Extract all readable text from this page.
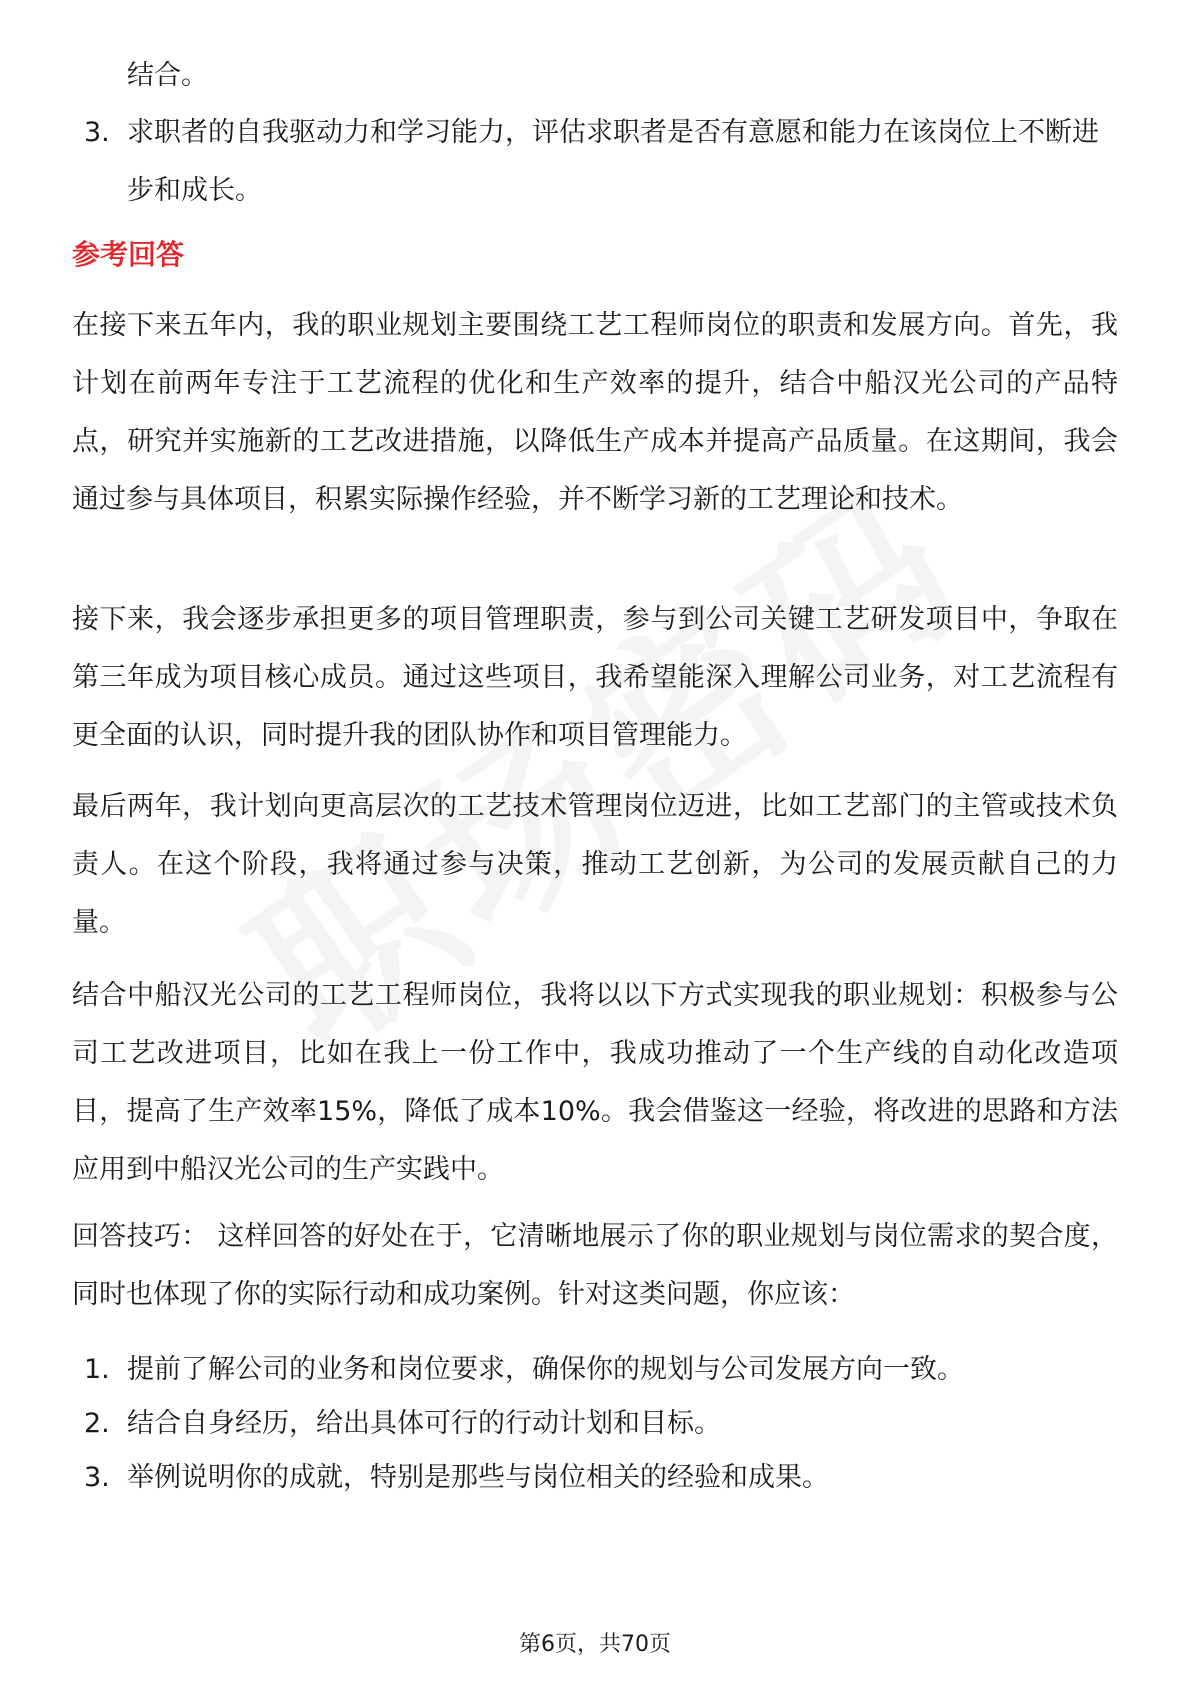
结合。
3. 求职者的自我驱动力和学习能力，评估求职者是否有意愿和能力在该岗位上不断进步和成长。
参考回答
在接下来五年内，我的职业规划主要围绕工艺工程师岗位的职责和发展方向。首先，我计划在前两年专注于工艺流程的优化和生产效率的提升，结合中船汉光公司的产品特点，研究并实施新的工艺改进措施，以降低生产成本并提高产品质量。在这期间，我会通过参与具体项目，积累实际操作经验，并不断学习新的工艺理论和技术。
接下来，我会逐步承担更多的项目管理职责，参与到公司关键工艺研发项目中，争取在第三年成为项目核心成员。通过这些项目，我希望能深入理解公司业务，对工艺流程有更全面的认识，同时提升我的团队协作和项目管理能力。
最后两年，我计划向更高层次的工艺技术管理岗位迈进，比如工艺部门的主管或技术负责人。在这个阶段，我将通过参与决策，推动工艺创新，为公司的发展贡献自己的力量。
结合中船汉光公司的工艺工程师岗位，我将以以下方式实现我的职业规划：积极参与公司工艺改进项目，比如在我上一份工作中，我成功推动了一个生产线的自动化改造项目，提高了生产效率15%，降低了成本10%。我会借鉴这一经验，将改进的思路和方法应用到中船汉光公司的生产实践中。
回答技巧： 这样回答的好处在于，它清晰地展示了你的职业规划与岗位需求的契合度，同时也体现了你的实际行动和成功案例。针对这类问题，你应该：
1. 提前了解公司的业务和岗位要求，确保你的规划与公司发展方向一致。
2. 结合自身经历，给出具体可行的行动计划和目标。
3. 举例说明你的成就，特别是那些与岗位相关的经验和成果。
第6页，共70页
